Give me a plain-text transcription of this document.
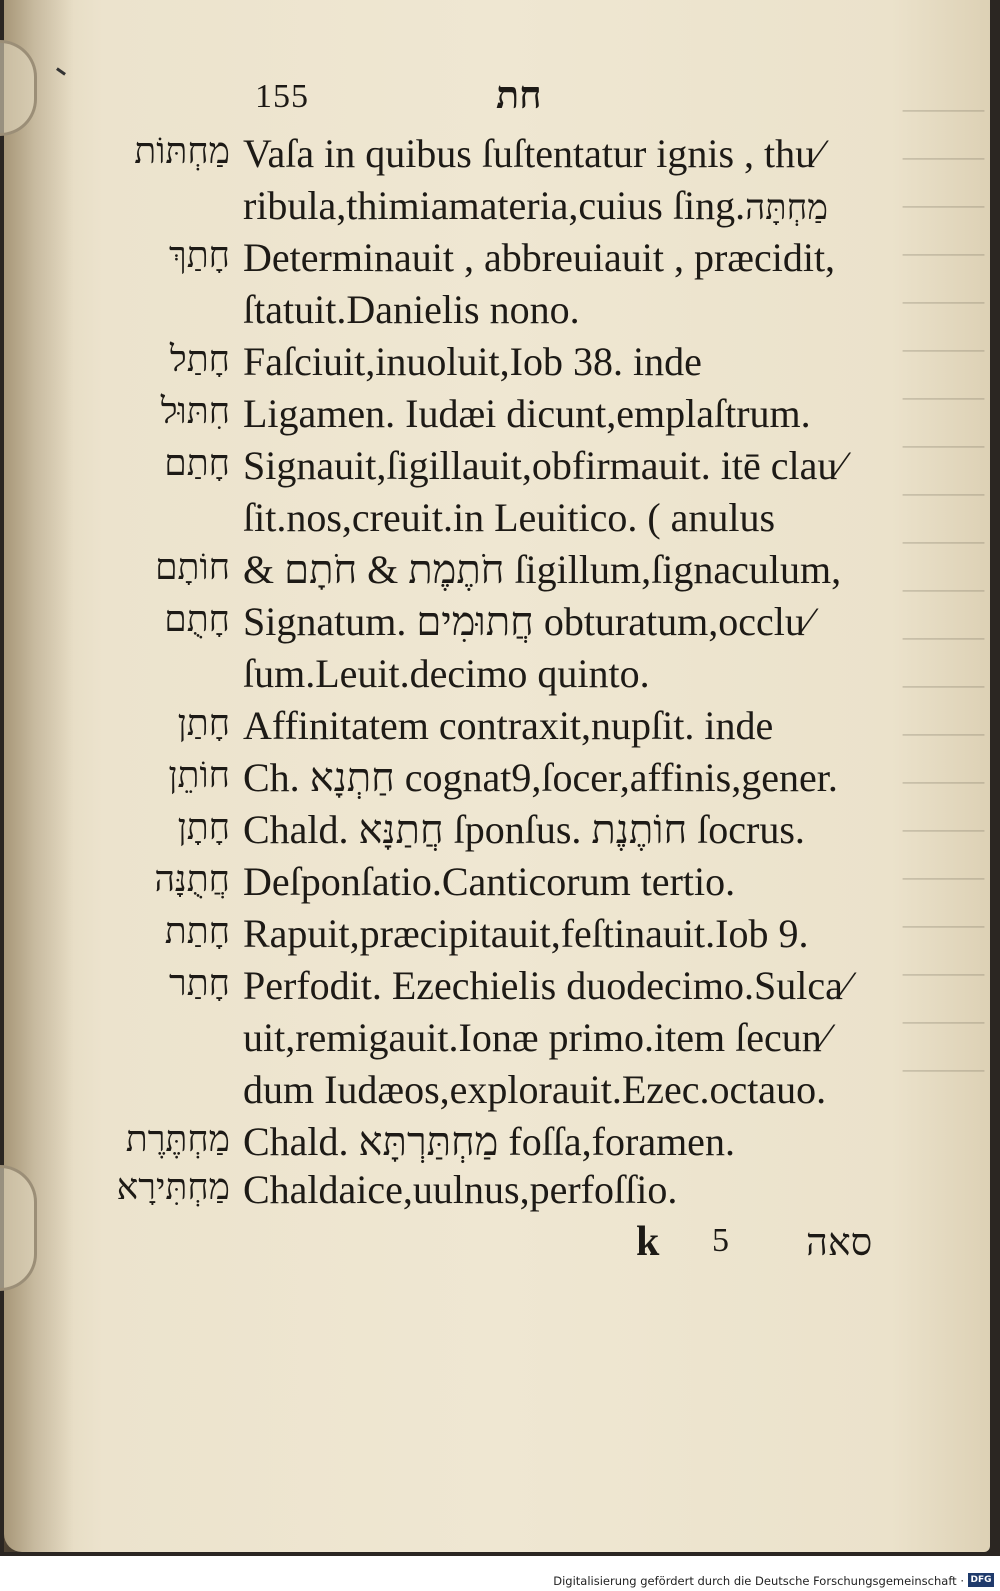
⸻
⸻
⸻
⸻
⸻
⸻
⸻
⸻
⸻
⸻
⸻
⸻
⸻
⸻
⸻
⸻
⸻
⸻
⸻
⸻
⸻
155	חת
מַחְתּוֹת Vaſa in quibus ſuſtentatur ignis , thu⁄
ribula,thimiamateria,cuius ſing.מַחְתָּה
חָתַךְ Determinauit , abbreuiauit , præcidit,
ſtatuit.Danielis nono.
חָתַל Faſciuit,inuoluit,Iob 38. inde
חִתּוּל Ligamen. Iudæi dicunt,emplaſtrum.
חָתַם Signauit,ſigillauit,obfirmauit. itē clau⁄
ſit.nos,creuit.in Leuitico. ( anulus
חוֹתָם & חֹתֶמֶת & חֹתָם ſigillum,ſignaculum,
חָתֻם Signatum. חֲתוּמִים obturatum,occlu⁄
ſum.Leuit.decimo quinto.
חָתַן Affinitatem contraxit,nupſit. inde
חוֹתֵן Ch. חַתְנָא cognat9,ſocer,affinis,gener.
חָתָן Chald. חֲתַנָּא ſponſus. חוֹתֶנֶת ſocrus.
חֲתֻנָּה Deſponſatio.Canticorum tertio.
חָתַת Rapuit,præcipitauit,feſtinauit.Iob 9.
חָתַר Perfodit. Ezechielis duodecimo.Sulca⁄
uit,remigauit.Ionæ primo.item ſecun⁄
dum Iudæos,explorauit.Ezec.octauo.
מַחְתֶּרֶת Chald. מַחְתַּרְתָּא foſſa,foramen.
מַחְתִּירָא Chaldaice,uulnus,perfoſſio.
k 5 סאה
Digitalisierung gefördert durch die Deutsche Forschungsgemeinschaft · DFG
